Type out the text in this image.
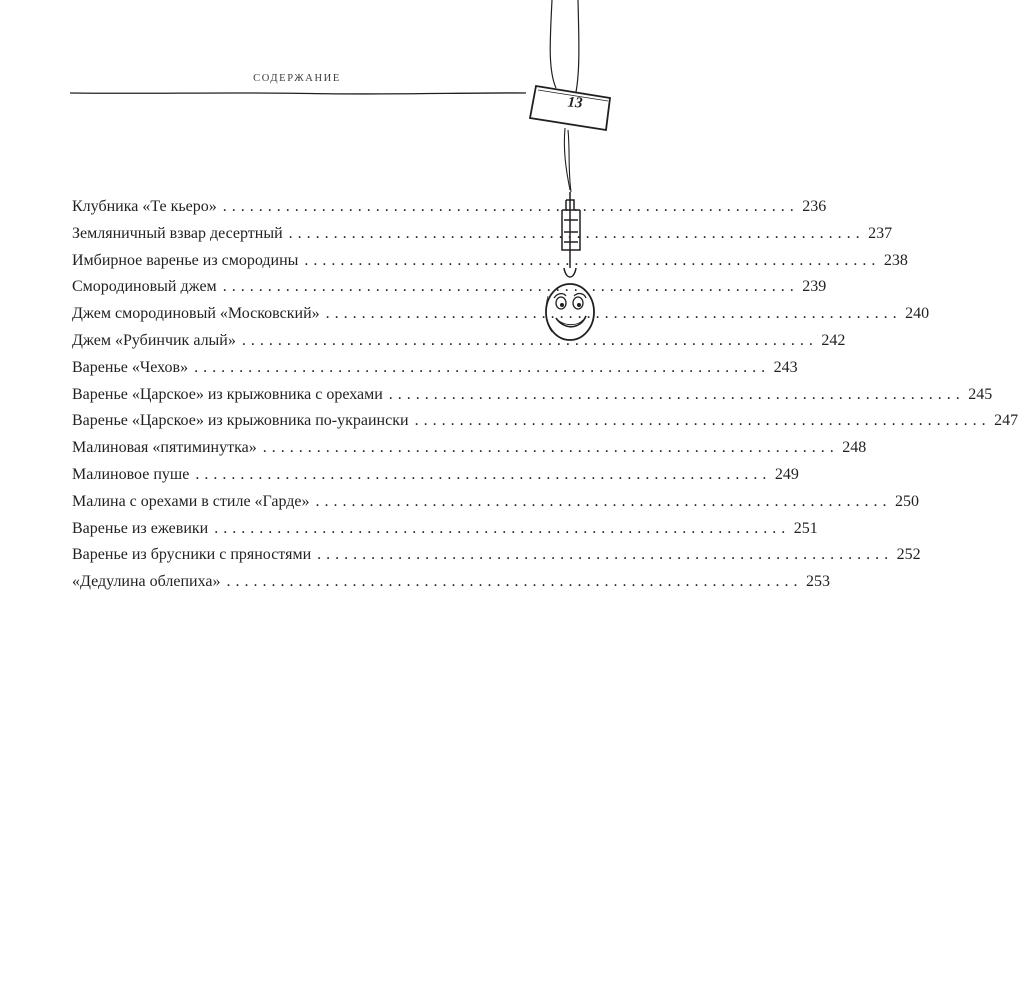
СОДЕРЖАНИЕ
13
Клубника «Те кьеро» . . .	236
Земляничный взвар десертный . . .	237
Имбирное варенье из смородины . . .	238
Смородиновый джем . . .	239
Джем смородиновый «Московский» . . .	240
Джем «Рубинчик алый» . . .	242
Варенье «Чехов» . . .	243
Варенье «Царское» из крыжовника с орехами . . .	245
Варенье «Царское» из крыжовника по-украински . . .	247
Малиновая «пятиминутка» . . .	248
Малиновое пуше . . .	249
Малина с орехами в стиле «Гарде» . . .	250
Варенье из ежевики . . .	251
Варенье из брусники с пряностями . . .	252
«Дедулина облепиха» . . .	253
